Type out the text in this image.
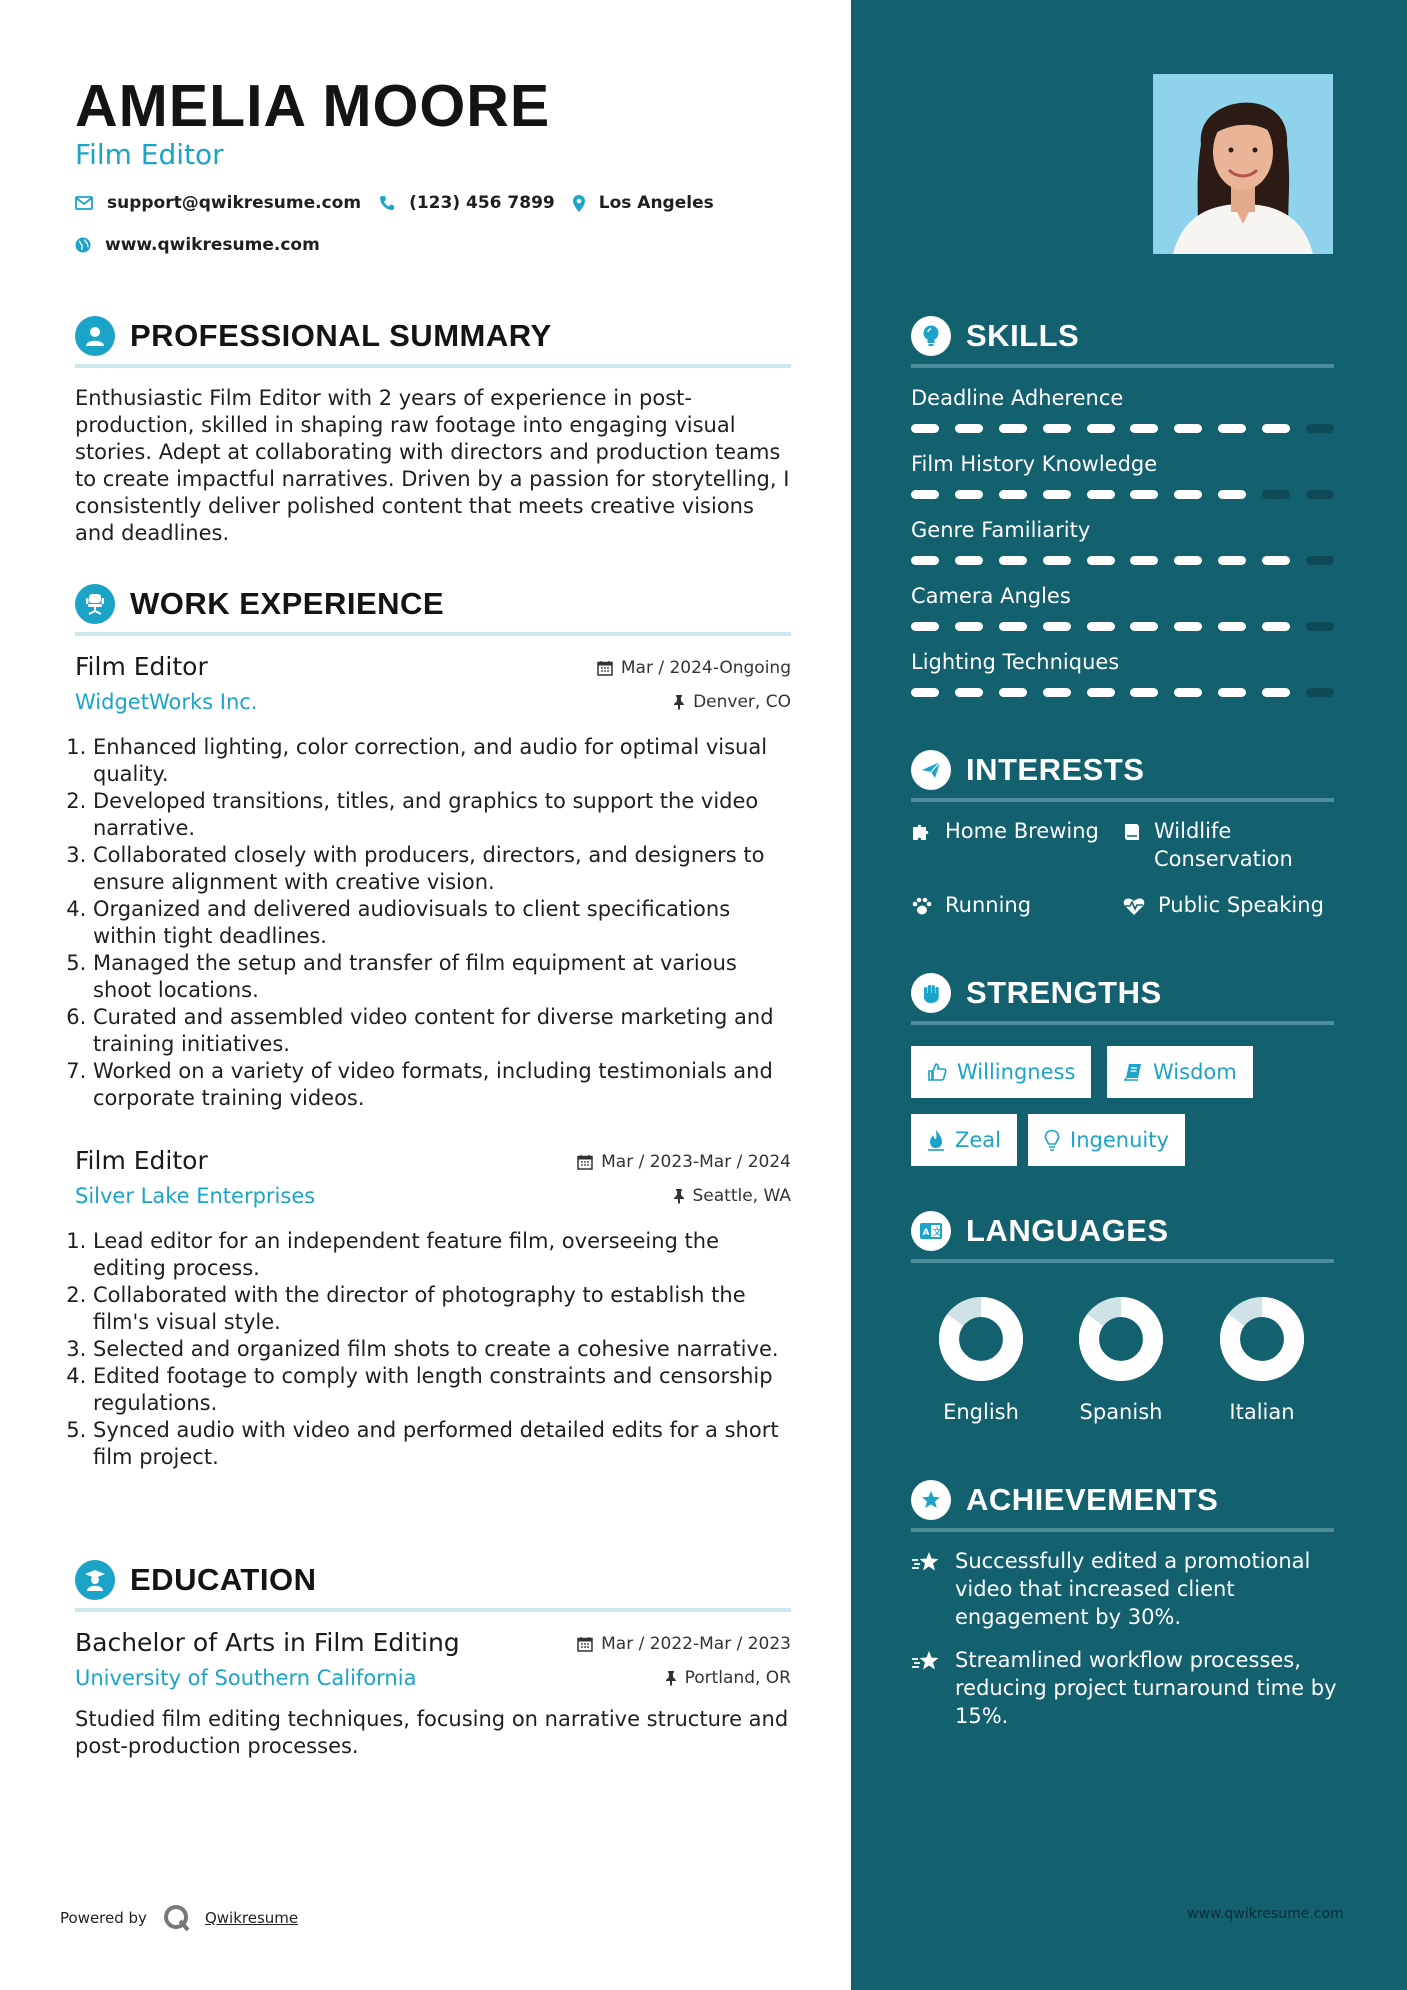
AMELIA MOORE
Film Editor
support@qwikresume.com	(123) 456 7899	Los Angeles
www.qwikresume.com
PROFESSIONAL SUMMARY
Enthusiastic Film Editor with 2 years of experience in post-production, skilled in shaping raw footage into engaging visual stories. Adept at collaborating with directors and production teams to create impactful narratives. Driven by a passion for storytelling, I consistently deliver polished content that meets creative visions and deadlines.
WORK EXPERIENCE
Film Editor
WidgetWorks Inc.
Mar / 2024-Ongoing
Denver, CO
1. Enhanced lighting, color correction, and audio for optimal visual quality.
2. Developed transitions, titles, and graphics to support the video narrative.
3. Collaborated closely with producers, directors, and designers to ensure alignment with creative vision.
4. Organized and delivered audiovisuals to client specifications within tight deadlines.
5. Managed the setup and transfer of film equipment at various shoot locations.
6. Curated and assembled video content for diverse marketing and training initiatives.
7. Worked on a variety of video formats, including testimonials and corporate training videos.
Film Editor
Silver Lake Enterprises
Mar / 2023-Mar / 2024
Seattle, WA
1. Lead editor for an independent feature film, overseeing the editing process.
2. Collaborated with the director of photography to establish the film's visual style.
3. Selected and organized film shots to create a cohesive narrative.
4. Edited footage to comply with length constraints and censorship regulations.
5. Synced audio with video and performed detailed edits for a short film project.
EDUCATION
Bachelor of Arts in Film Editing
University of Southern California
Mar / 2022-Mar / 2023
Portland, OR
Studied film editing techniques, focusing on narrative structure and post-production processes.
Powered by	Qwikresume
SKILLS
Deadline Adherence
Film History Knowledge
Genre Familiarity
Camera Angles
Lighting Techniques
INTERESTS
Home Brewing	Wildlife Conservation
Running	Public Speaking
STRENGTHS
Willingness	Wisdom
Zeal	Ingenuity
A 文 LANGUAGES
English	Spanish	Italian
ACHIEVEMENTS
Successfully edited a promotional video that increased client engagement by 30%.
Streamlined workflow processes, reducing project turnaround time by 15%.
www.qwikresume.com
